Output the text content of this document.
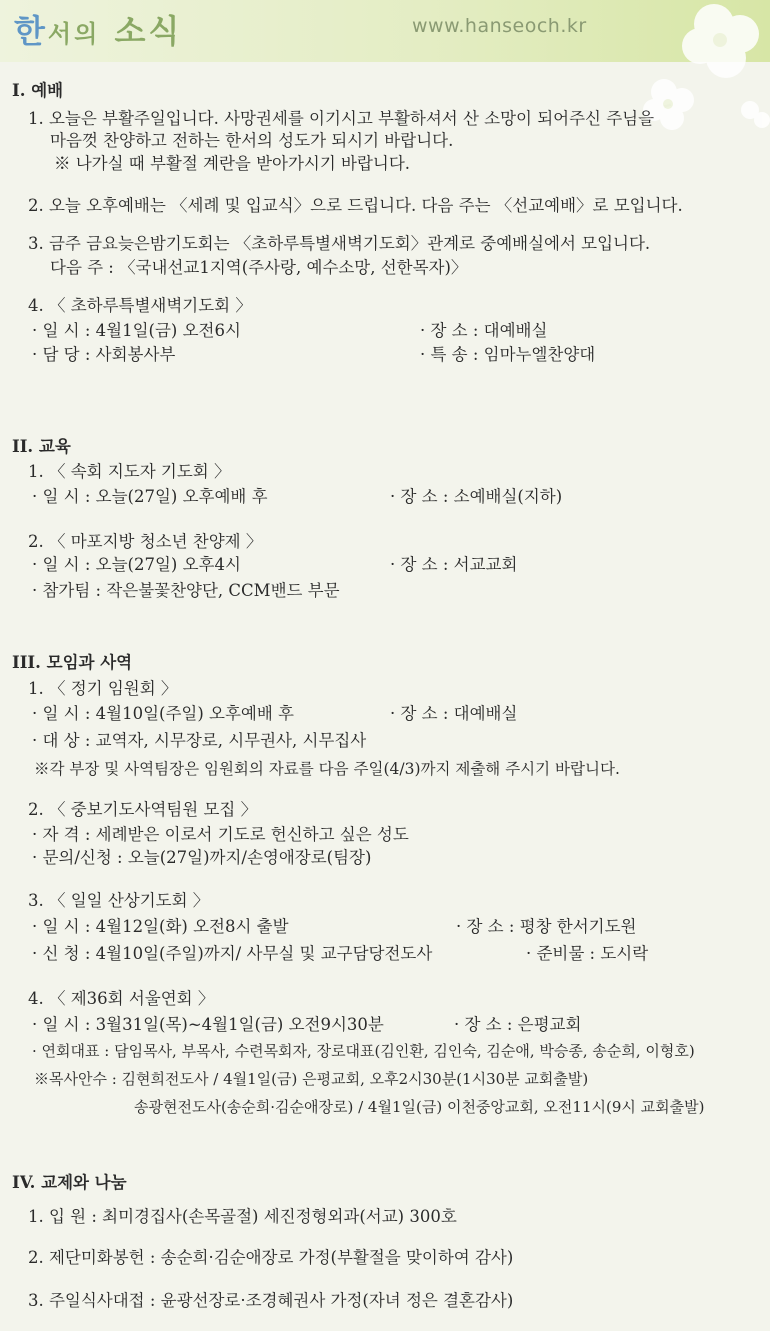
한서의 소식	www.hanseoch.kr
I. 예배
1. 오늘은 부활주일입니다. 사망권세를 이기시고 부활하셔서 산 소망이 되어주신 주님을
마음껏 찬양하고 전하는 한서의 성도가 되시기 바랍니다.
※ 나가실 때 부활절 계란을 받아가시기 바랍니다.
2. 오늘 오후예배는 〈세례 및 입교식〉으로 드립니다. 다음 주는 〈선교예배〉로 모입니다.
3. 금주 금요늦은밤기도회는 〈초하루특별새벽기도회〉관계로 중예배실에서 모입니다.
다음 주 : 〈국내선교1지역(주사랑, 예수소망, 선한목자)〉
4. 〈 초하루특별새벽기도회 〉
· 일 시 : 4월1일(금) 오전6시	· 장 소 : 대예배실
· 담 당 : 사회봉사부	· 특 송 : 임마누엘찬양대
II. 교육
1. 〈 속회 지도자 기도회 〉
· 일 시 : 오늘(27일) 오후예배 후	· 장 소 : 소예배실(지하)
2. 〈 마포지방 청소년 찬양제 〉
· 일 시 : 오늘(27일) 오후4시	· 장 소 : 서교교회
· 참가팀 : 작은불꽃찬양단, CCM밴드 부문
III. 모임과 사역
1. 〈 정기 임원회 〉
· 일 시 : 4월10일(주일) 오후예배 후	· 장 소 : 대예배실
· 대 상 : 교역자, 시무장로, 시무권사, 시무집사
※각 부장 및 사역팀장은 임원회의 자료를 다음 주일(4/3)까지 제출해 주시기 바랍니다.
2. 〈 중보기도사역팀원 모집 〉
· 자 격 : 세례받은 이로서 기도로 헌신하고 싶은 성도
· 문의/신청 : 오늘(27일)까지/손영애장로(팀장)
3. 〈 일일 산상기도회 〉
· 일 시 : 4월12일(화) 오전8시 출발	· 장 소 : 평창 한서기도원
· 신 청 : 4월10일(주일)까지/ 사무실 및 교구담당전도사	· 준비물 : 도시락
4. 〈 제36회 서울연회 〉
· 일 시 : 3월31일(목)~4월1일(금) 오전9시30분	· 장 소 : 은평교회
· 연회대표 : 담임목사, 부목사, 수련목회자, 장로대표(김인환, 김인숙, 김순애, 박승종, 송순희, 이형호)
※목사안수 : 김현희전도사 / 4월1일(금) 은평교회, 오후2시30분(1시30분 교회출발)
송광현전도사(송순희·김순애장로) / 4월1일(금) 이천중앙교회, 오전11시(9시 교회출발)
IV. 교제와 나눔
1. 입 원 : 최미경집사(손목골절) 세진정형외과(서교) 300호
2. 제단미화봉헌 : 송순희·김순애장로 가정(부활절을 맞이하여 감사)
3. 주일식사대접 : 윤광선장로·조경혜권사 가정(자녀 정은 결혼감사)
